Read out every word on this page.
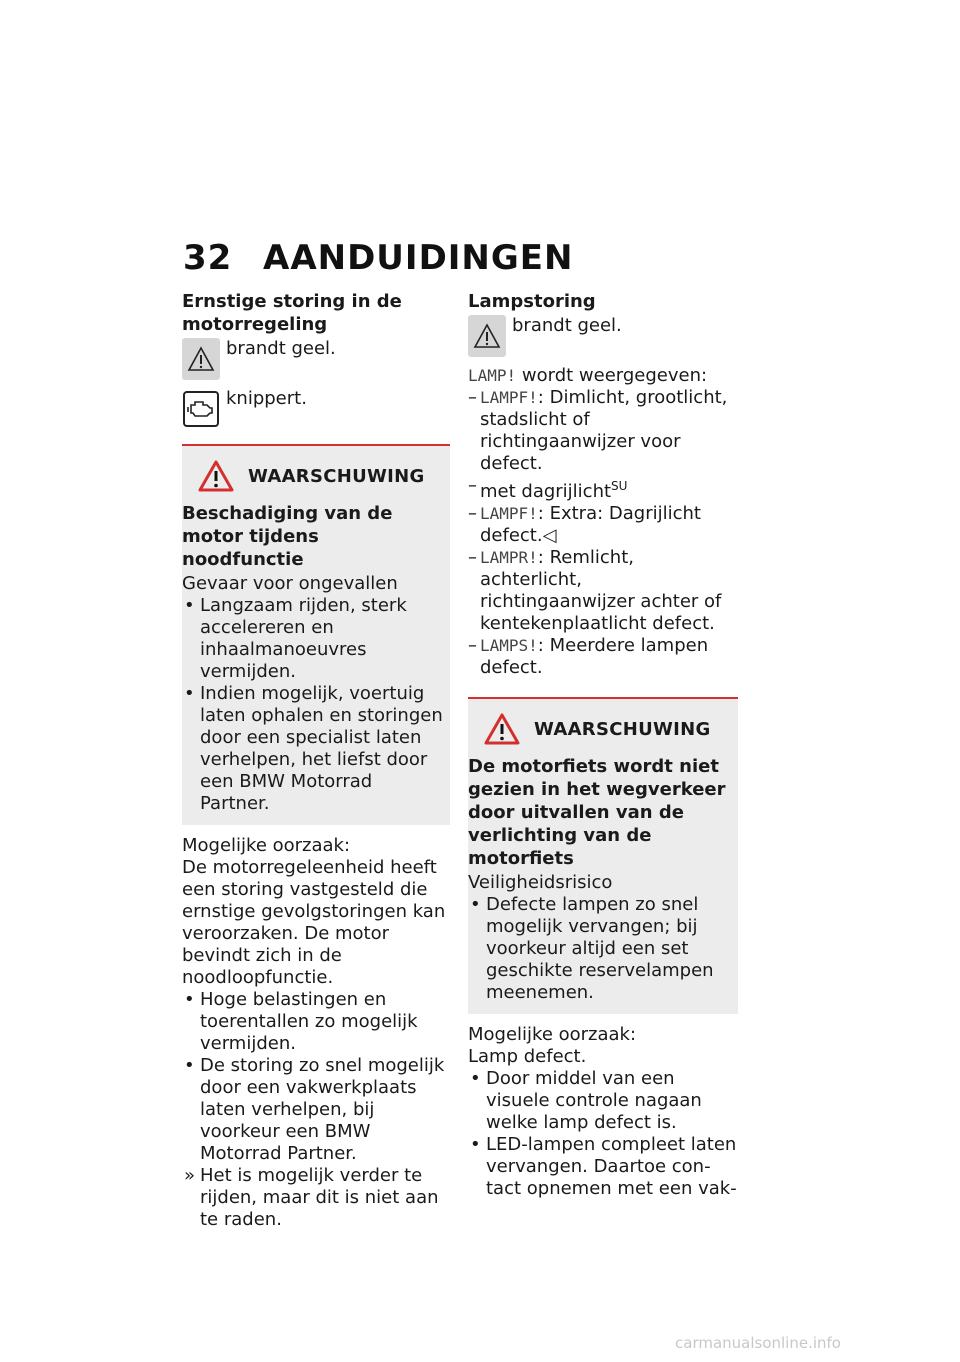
32 AANDUIDINGEN
Ernstige storing in de motorregeling
brandt geel.
knippert.
WAARSCHUWING
Beschadiging van de motor tijdens noodfunctie
Gevaar voor ongevallen
• Langzaam rijden, sterk accelereren en inhaalmanoeuvres vermijden.
• Indien mogelijk, voertuig laten ophalen en storingen door een specialist laten verhelpen, het liefst door een BMW Motorrad Partner.
Mogelijke oorzaak:
De motorregeleenheid heeft een storing vastgesteld die ernstige gevolgstoringen kan veroorzaken. De motor bevindt zich in de noodloopfunctie.
• Hoge belastingen en toerentallen zo mogelijk vermijden.
• De storing zo snel mogelijk door een vakwerkplaats laten verhelpen, bij voorkeur een BMW Motorrad Partner.
» Het is mogelijk verder te rijden, maar dit is niet aan te raden.
Lampstoring
brandt geel.
LAMP! wordt weergegeven:
– LAMPF!: Dimlicht, grootlicht, stadslicht of richtingaanwijzer voor defect.
– met dagrijlicht$^{SU}$
– LAMPF!: Extra: Dagrijlicht defect.◁
– LAMPR!: Remlicht, achterlicht, richtingaanwijzer achter of kentekenplaatlicht defect.
– LAMPS!: Meerdere lampen defect.
WAARSCHUWING
De motorfiets wordt niet gezien in het wegverkeer door uitvallen van de verlichting van de motorfiets
Veiligheidsrisico
• Defecte lampen zo snel mogelijk vervangen; bij voorkeur altijd een set geschikte reservelampen meenemen.
Mogelijke oorzaak:
Lamp defect.
• Door middel van een visuele controle nagaan welke lamp defect is.
• LED-lampen compleet laten vervangen. Daartoe contact opnemen met een vak-
carmanualsonline.info
